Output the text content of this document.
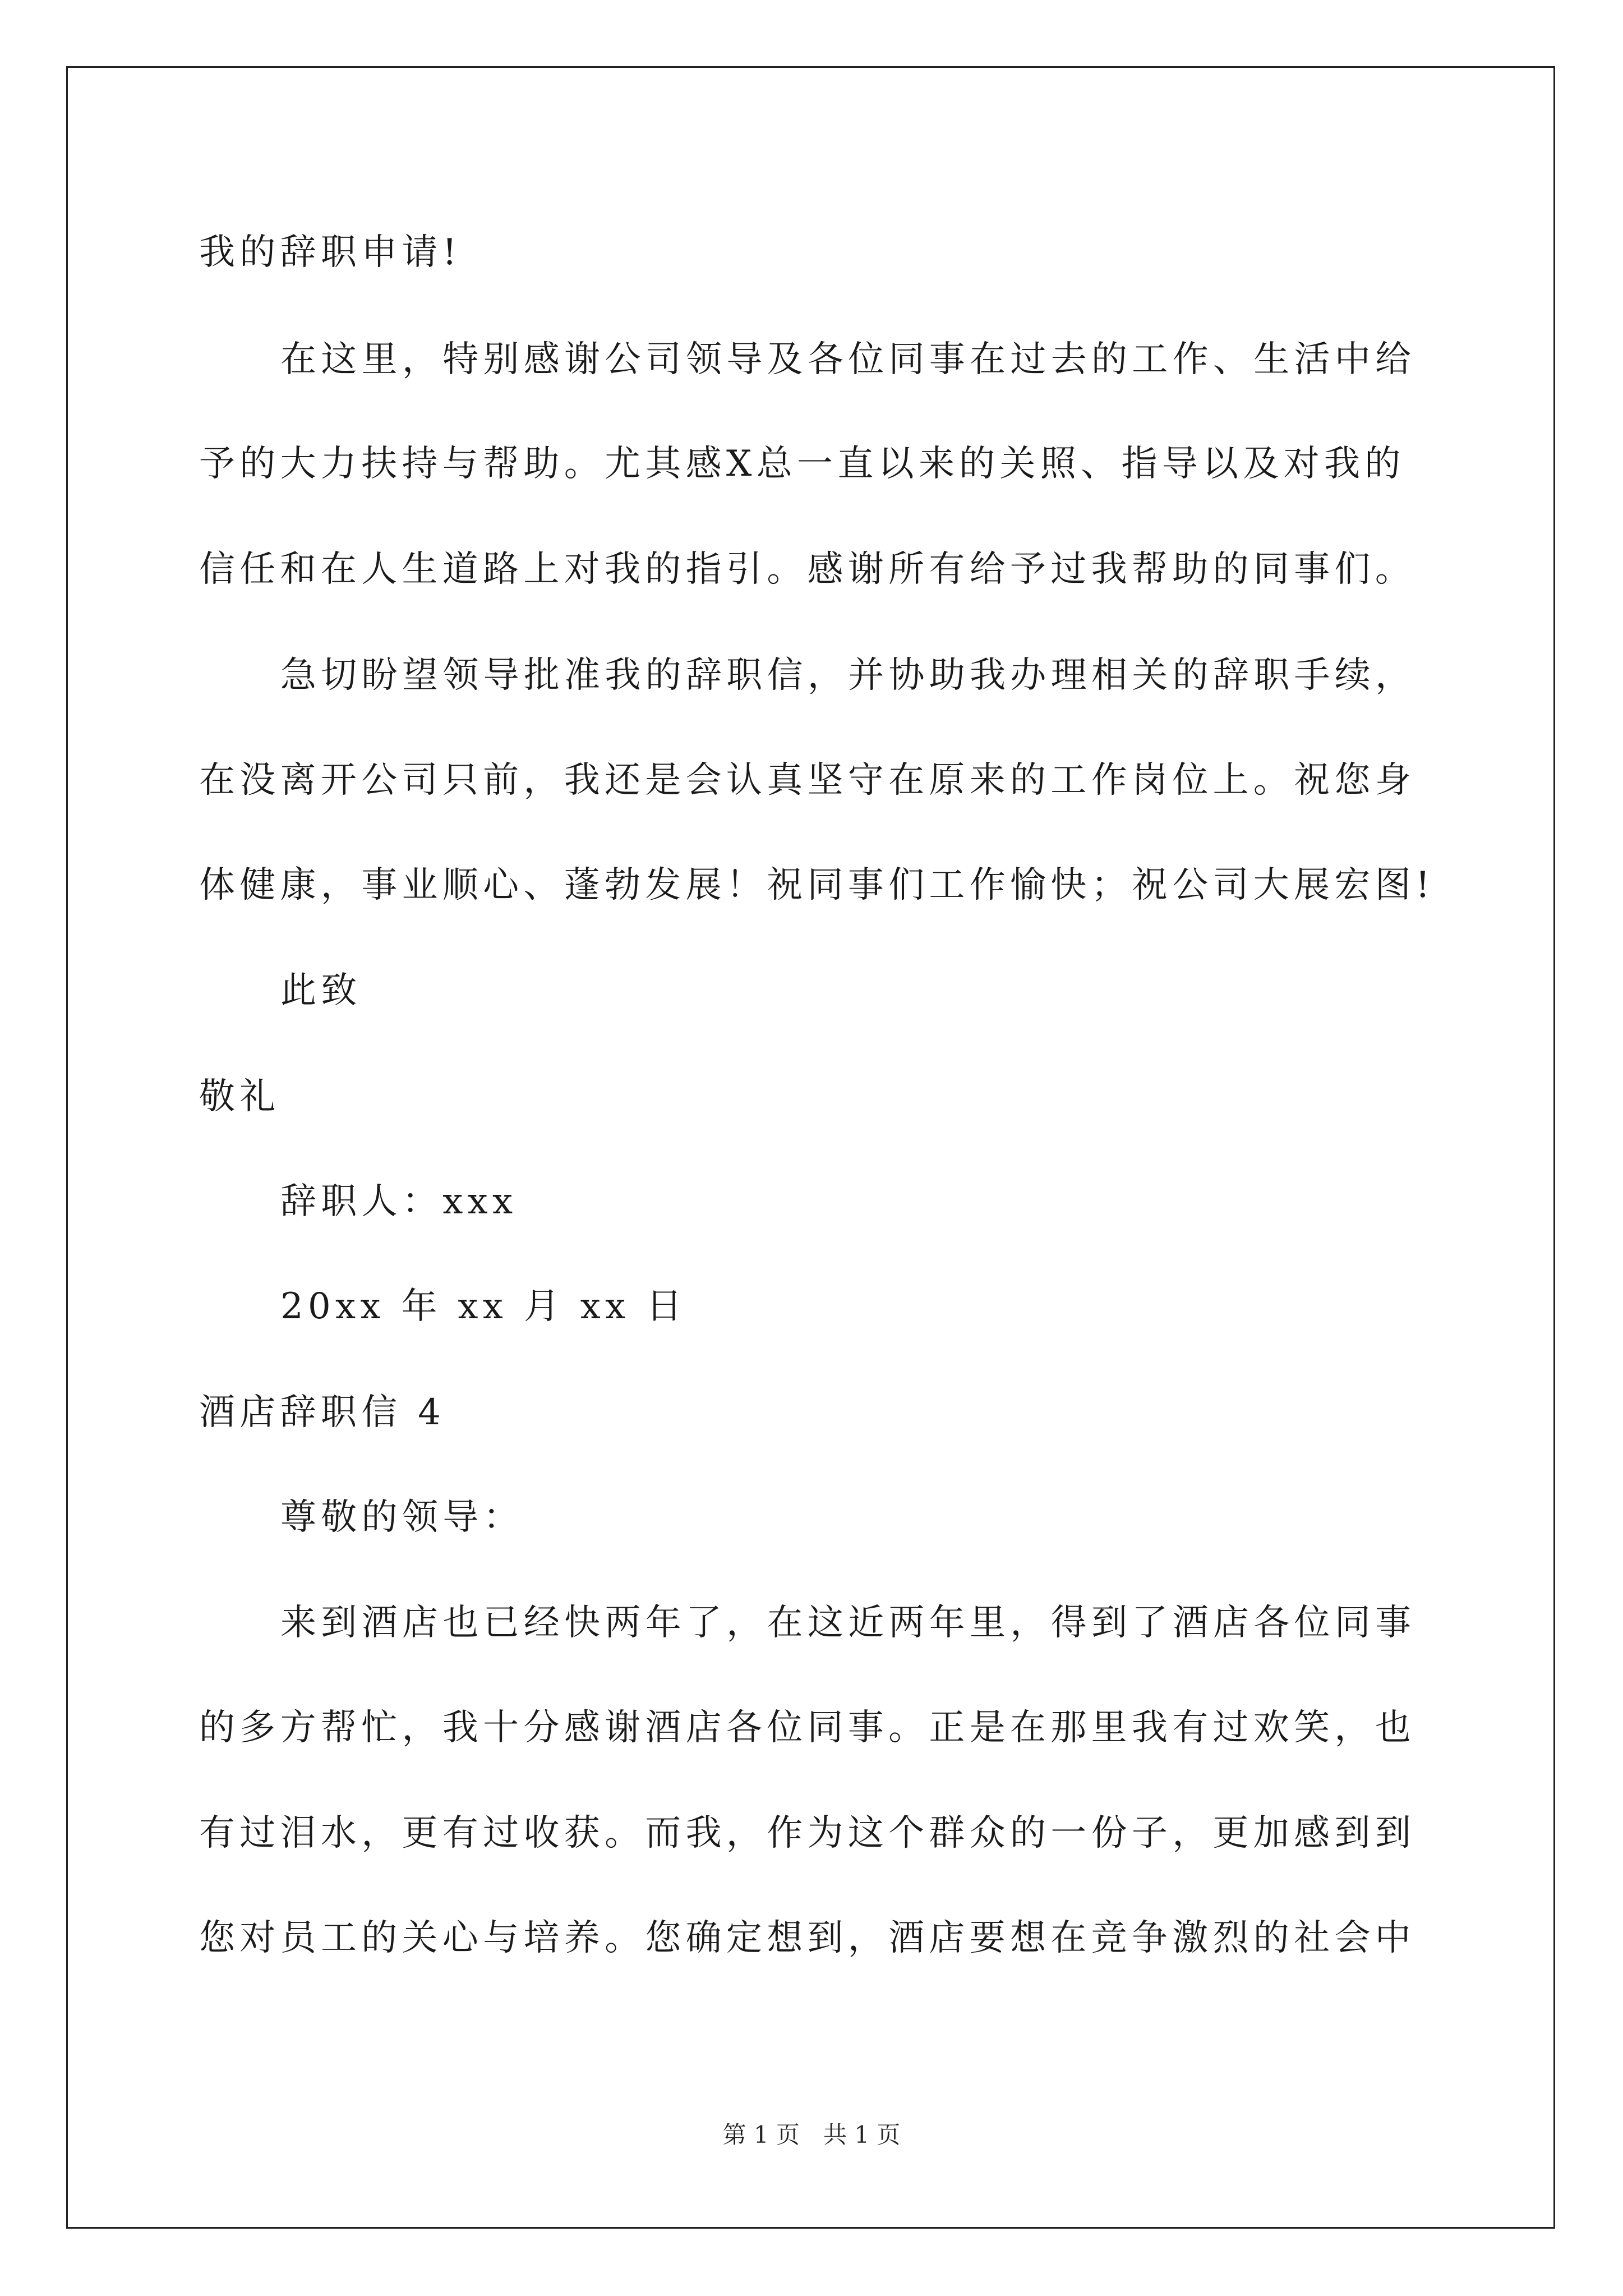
我的辞职申请!
在这里，特别感谢公司领导及各位同事在过去的工作、生活中给
予的大力扶持与帮助。尤其感X总一直以来的关照、指导以及对我的
信任和在人生道路上对我的指引。感谢所有给予过我帮助的同事们。
急切盼望领导批准我的辞职信，并协助我办理相关的辞职手续，
在没离开公司只前，我还是会认真坚守在原来的工作岗位上。祝您身
体健康，事业顺心、蓬勃发展！祝同事们工作愉快；祝公司大展宏图!
此致
敬礼
辞职人：xxx
20xx 年 xx 月 xx 日
酒店辞职信 4
尊敬的领导：
来到酒店也已经快两年了，在这近两年里，得到了酒店各位同事
的多方帮忙，我十分感谢酒店各位同事。正是在那里我有过欢笑，也
有过泪水，更有过收获。而我，作为这个群众的一份子，更加感到到
您对员工的关心与培养。您确定想到，酒店要想在竞争激烈的社会中
第 1 页　共 1 页
